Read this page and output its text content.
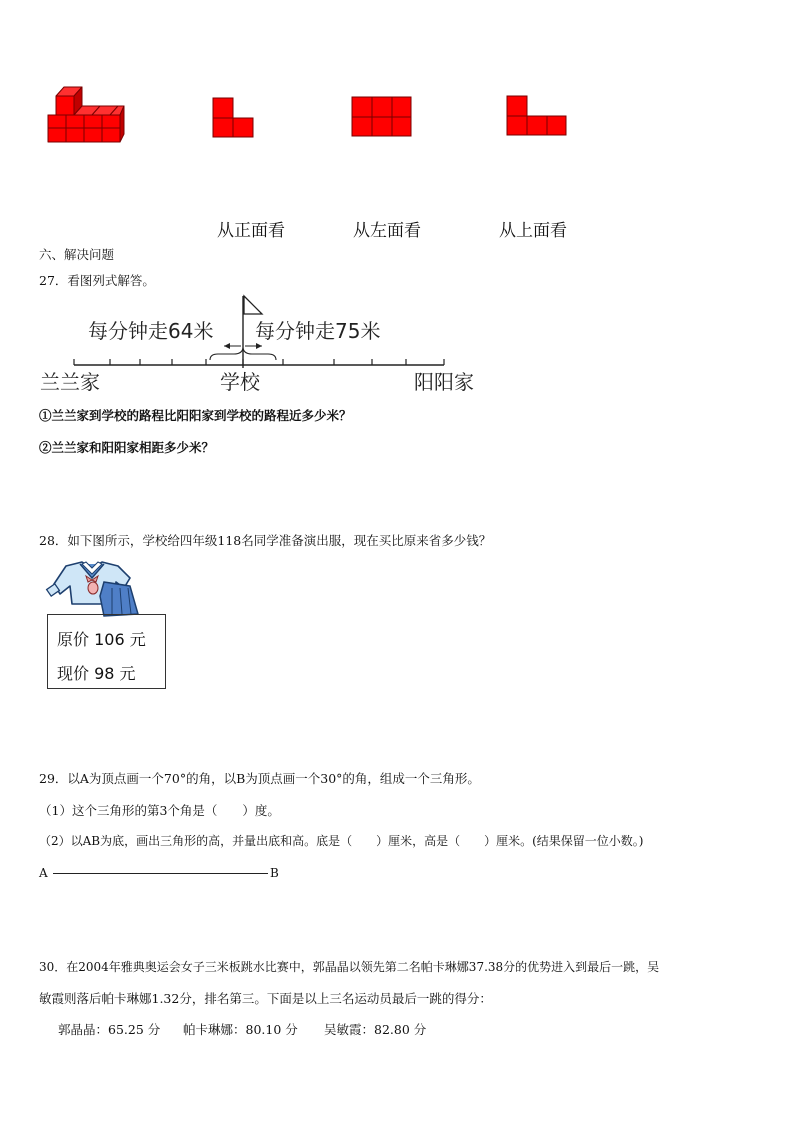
从正面看	从左面看	从上面看
六、解决问题
27．看图列式解答。
每分钟走64米 每分钟走75米
兰兰家	学校	阳阳家
①兰兰家到学校的路程比阳阳家到学校的路程近多少米？
②兰兰家和阳阳家相距多少米？
28．如下图所示，学校给四年级118名同学准备演出服，现在买比原来省多少钱？
原价 106 元
现价 98 元
29．以A为顶点画一个70°的角，以B为顶点画一个30°的角，组成一个三角形。
（1）这个三角形的第3个角是（　　）度。
（2）以AB为底，画出三角形的高，并量出底和高。底是（　　）厘米，高是（　　）厘米。(结果保留一位小数。)
A	B
30．在2004年雅典奥运会女子三米板跳水比赛中，郭晶晶以领先第二名帕卡琳娜37.38分的优势进入到最后一跳，吴
敏霞则落后帕卡琳娜1.32分，排名第三。下面是以上三名运动员最后一跳的得分：
郭晶晶：65.25 分 帕卡琳娜：80.10 分 吴敏霞：82.80 分
